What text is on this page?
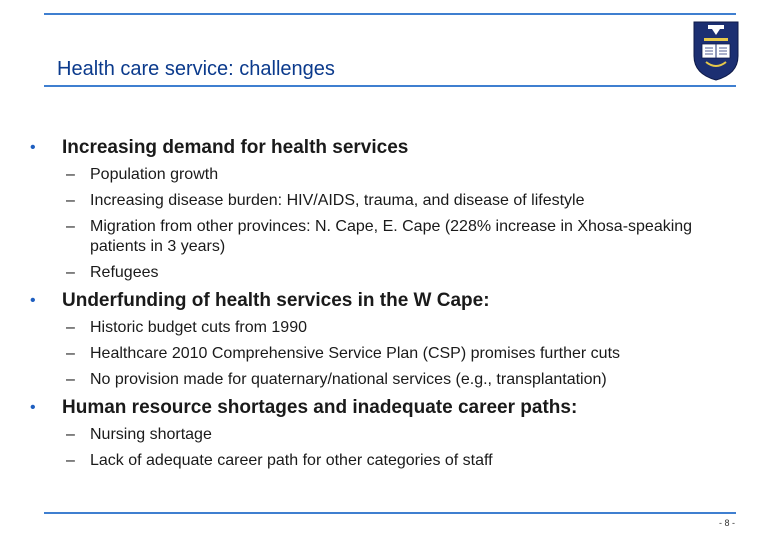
Health care service: challenges
• Increasing demand for health services
– Population growth
– Increasing disease burden: HIV/AIDS, trauma, and disease of lifestyle
– Migration from other provinces: N. Cape, E. Cape (228% increase in Xhosa-speaking patients in 3 years)
– Refugees
• Underfunding of health services in the W Cape:
– Historic budget cuts from 1990
– Healthcare 2010 Comprehensive Service Plan (CSP) promises further cuts
– No provision made for quaternary/national services (e.g., transplantation)
• Human resource shortages and inadequate career paths:
– Nursing shortage
– Lack of adequate career path for other categories of staff
- 8 -
